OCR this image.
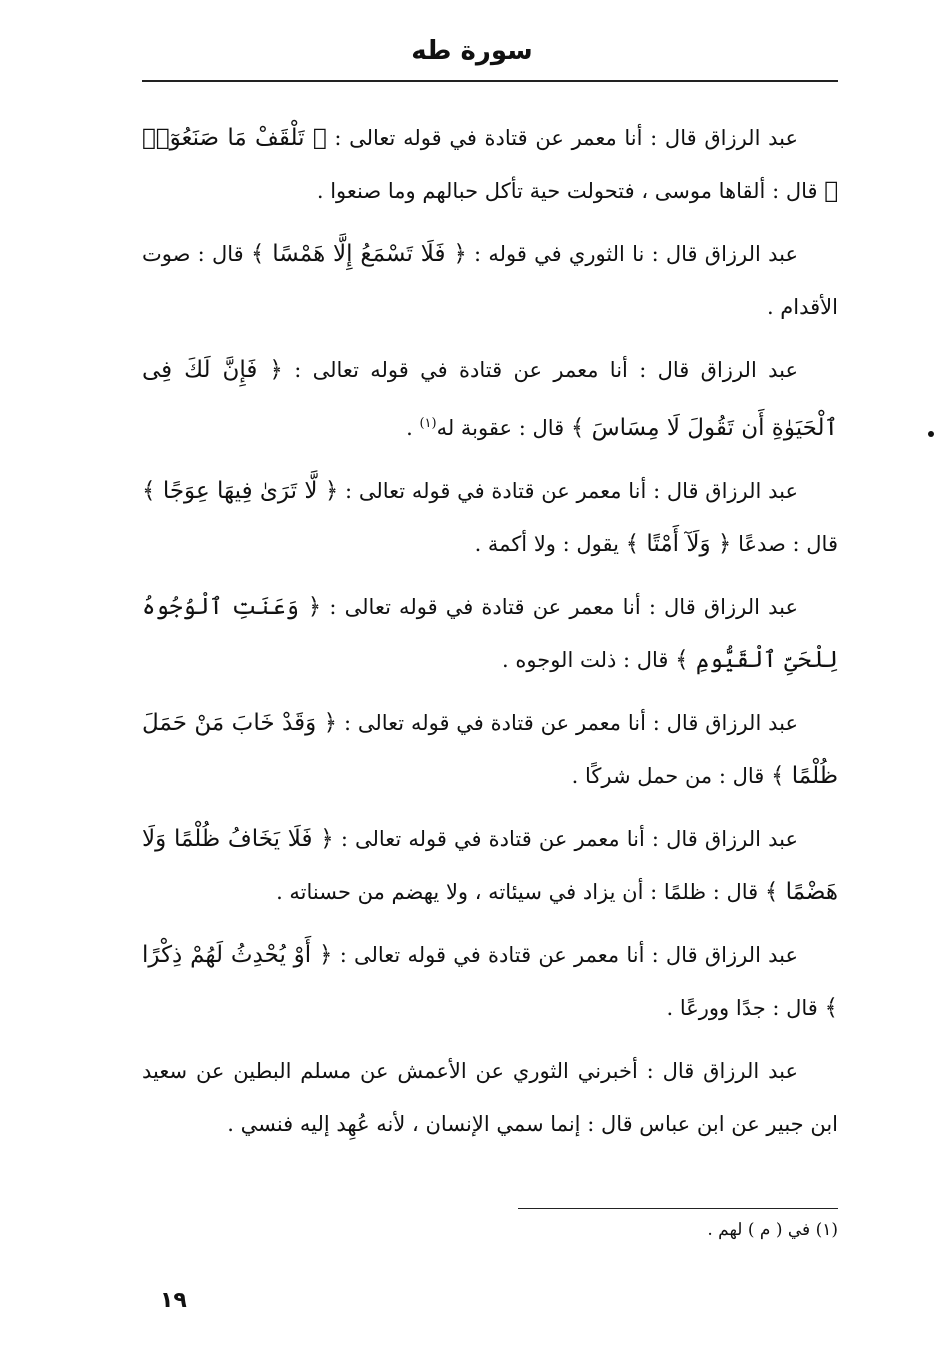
سورة طه

عبد الرزاق قال : أنا معمر عن قتادة في قوله تعالى : ﴿ تَلْقَفْ مَا صَنَعُوٓا۟ ﴾ قال : ألقاها موسى ، فتحولت حية تأكل حبالهم وما صنعوا .

عبد الرزاق قال : نا الثوري في قوله : ﴿ فَلَا تَسْمَعُ إِلَّا هَمْسًا ﴾ قال : صوت الأقدام .

عبد الرزاق قال : أنا معمر عن قتادة في قوله تعالى : ﴿ فَإِنَّ لَكَ فِى ٱلْحَيَوٰةِ أَن تَقُولَ لَا مِسَاسَ ﴾ قال : عقوبة له$^{(١)}$ .

عبد الرزاق قال : أنا معمر عن قتادة في قوله تعالى : ﴿ لَّا تَرَىٰ فِيهَا عِوَجًا ﴾ قال : صدعًا ﴿ وَلَآ أَمْتًا ﴾ يقول : ولا أكمة .

عبد الرزاق قال : أنا معمر عن قتادة في قوله تعالى : ﴿ وَعَنَتِ ٱلْوُجُوهُ لِلْحَىِّ ٱلْقَيُّومِ ﴾ قال : ذلت الوجوه .

عبد الرزاق قال : أنا معمر عن قتادة في قوله تعالى : ﴿ وَقَدْ خَابَ مَنْ حَمَلَ ظُلْمًا ﴾ قال : من حمل شركًا .

عبد الرزاق قال : أنا معمر عن قتادة في قوله تعالى : ﴿ فَلَا يَخَافُ ظُلْمًا وَلَا هَضْمًا ﴾ قال : ظلمًا : أن يزاد في سيئاته ، ولا يهضم من حسناته .

عبد الرزاق قال : أنا معمر عن قتادة في قوله تعالى : ﴿ أَوْ يُحْدِثُ لَهُمْ ذِكْرًا ﴾ قال : جدًا وورعًا .

عبد الرزاق قال : أخبرني الثوري عن الأعمش عن مسلم البطين عن سعيد ابن جبير عن ابن عباس قال : إنما سمي الإنسان ، لأنه عُهِد إليه فنسي .

(١) في ( م ) لهم .
١٩
